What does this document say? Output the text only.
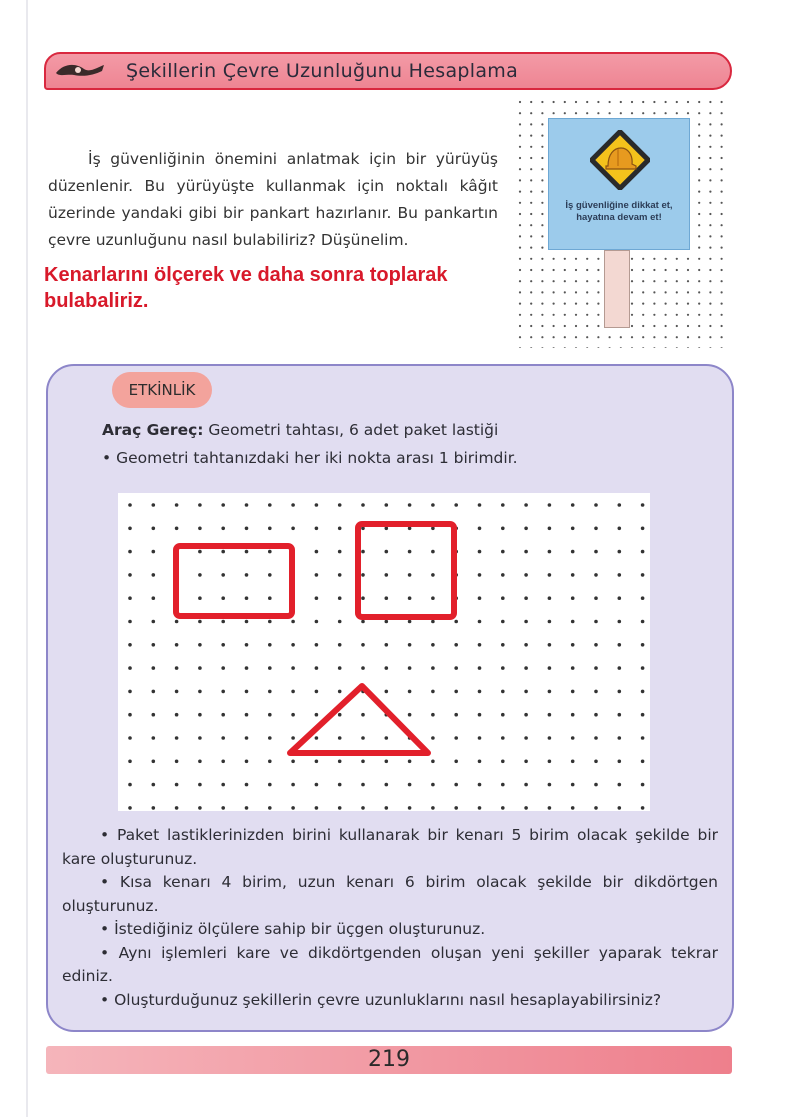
Şekillerin Çevre Uzunluğunu Hesaplama

İş güvenliğinin önemini anlatmak için bir yürüyüş düzenlenir. Bu yürüyüşte kullanmak için noktalı kâğıt üzerinde yandaki gibi bir pankart hazırlanır. Bu pankartın çevre uzunluğunu nasıl bulabiliriz? Düşünelim.

Kenarlarını ölçerek ve daha sonra toplarak bulabaliriz.
İş güvenliğine dikkat et,
hayatına devam et!
ETKİNLİK
Araç Gereç: Geometri tahtası, 6 adet paket lastiği
• Geometri tahtanızdaki her iki nokta arası 1 birimdir.

• Paket lastiklerinizden birini kullanarak bir kenarı 5 birim olacak şekilde bir kare oluşturunuz.

• Kısa kenarı 4 birim, uzun kenarı 6 birim olacak şekilde bir dikdörtgen oluşturunuz.

• İstediğiniz ölçülere sahip bir üçgen oluşturunuz.

• Aynı işlemleri kare ve dikdörtgenden oluşan yeni şekiller yaparak tekrar ediniz.

• Oluşturduğunuz şekillerin çevre uzunluklarını nasıl hesaplayabilirsiniz?

219
